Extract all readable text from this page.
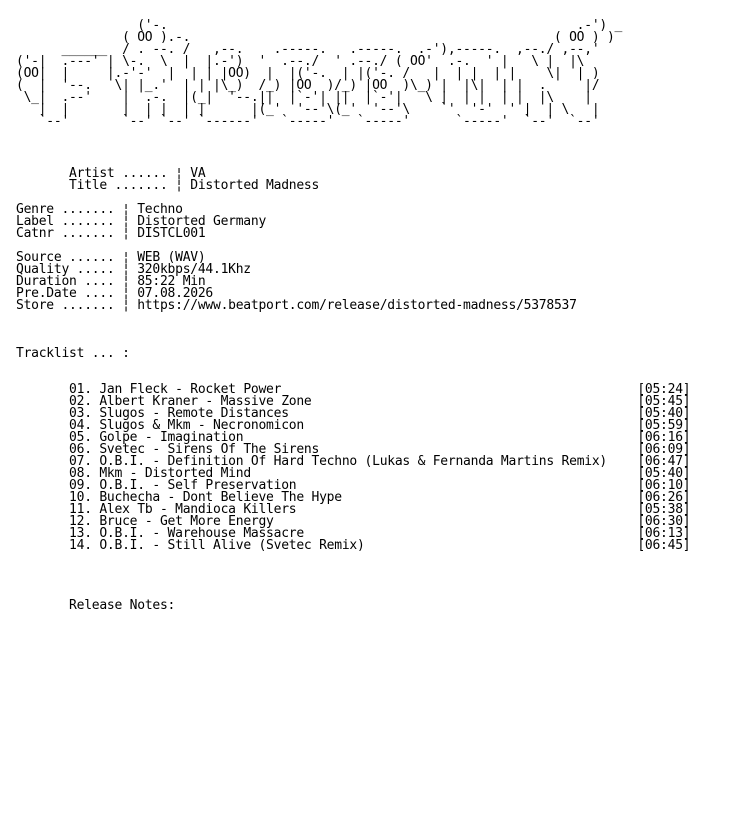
('-.                                                      .-') _
( OO ).-.                                                ( OO ) )
______  / . --. /   ,--.    .-----.   .-----.  .-'),-----.  ,--./ ,--,'
('-|  .---' | \-.  \  |  |.-')  '  .--./  ' .--./ ( OO'  .-.  ' |   \ |  |\
(OO|  |     |.-'-'  |  | | |OO)  |  |('-.  | |('-. /   |  | |  | |    \|  | )
(  |  '--.   \| |_.'  | | |\_)  /_) |OO  )/_) |OO  )\_) |  |\|  | |  .     |/
\_|  .--'    |  .-.  |(_|  '--.||  |`-'| ||  |`-'|   \ |  | |  | |  |\    |
|  |       |  | |  | |      |(_'  '--'\(_'  '--'\    `'  '-'  ' |  | \   |
`--'       `--' `--' `------'   `-----'   `-----'      `-----'  `--'  `--'
Artist ...... ¦ VA
Title ....... ¦ Distorted Madness

Genre ....... ¦ Techno
Label ....... ¦ Distorted Germany
Catnr ....... ¦ DISTCL001

Source ...... ¦ WEB (WAV)
Quality ..... ¦ 320kbps/44.1Khz
Duration .... ¦ 85:22 Min
Pre.Date .... ¦ 07.08.2026
Store ....... ¦ https://www.beatport.com/release/distorted-madness/5378537

Tracklist ... :

01. Jan Fleck - Rocket Power	[05:24]
02. Albert Kraner - Massive Zone	[05:45]
03. Slugos - Remote Distances	[05:40]
04. Slugos & Mkm - Necronomicon	[05:59]
05. Golpe - Imagination	[06:16]
06. Svetec - Sirens Of The Sirens	[06:09]
07. O.B.I. - Definition Of Hard Techno (Lukas & Fernanda Martins Remix) [06:47]
08. Mkm - Distorted Mind	[05:40]
09. O.B.I. - Self Preservation	[06:10]
10. Buchecha - Dont Believe The Hype	[06:26]
11. Alex Tb - Mandioca Killers	[05:38]
12. Bruce - Get More Energy	[06:30]
13. O.B.I. - Warehouse Massacre	[06:13]
14. O.B.I. - Still Alive (Svetec Remix)	[06:45]

Release Notes:
